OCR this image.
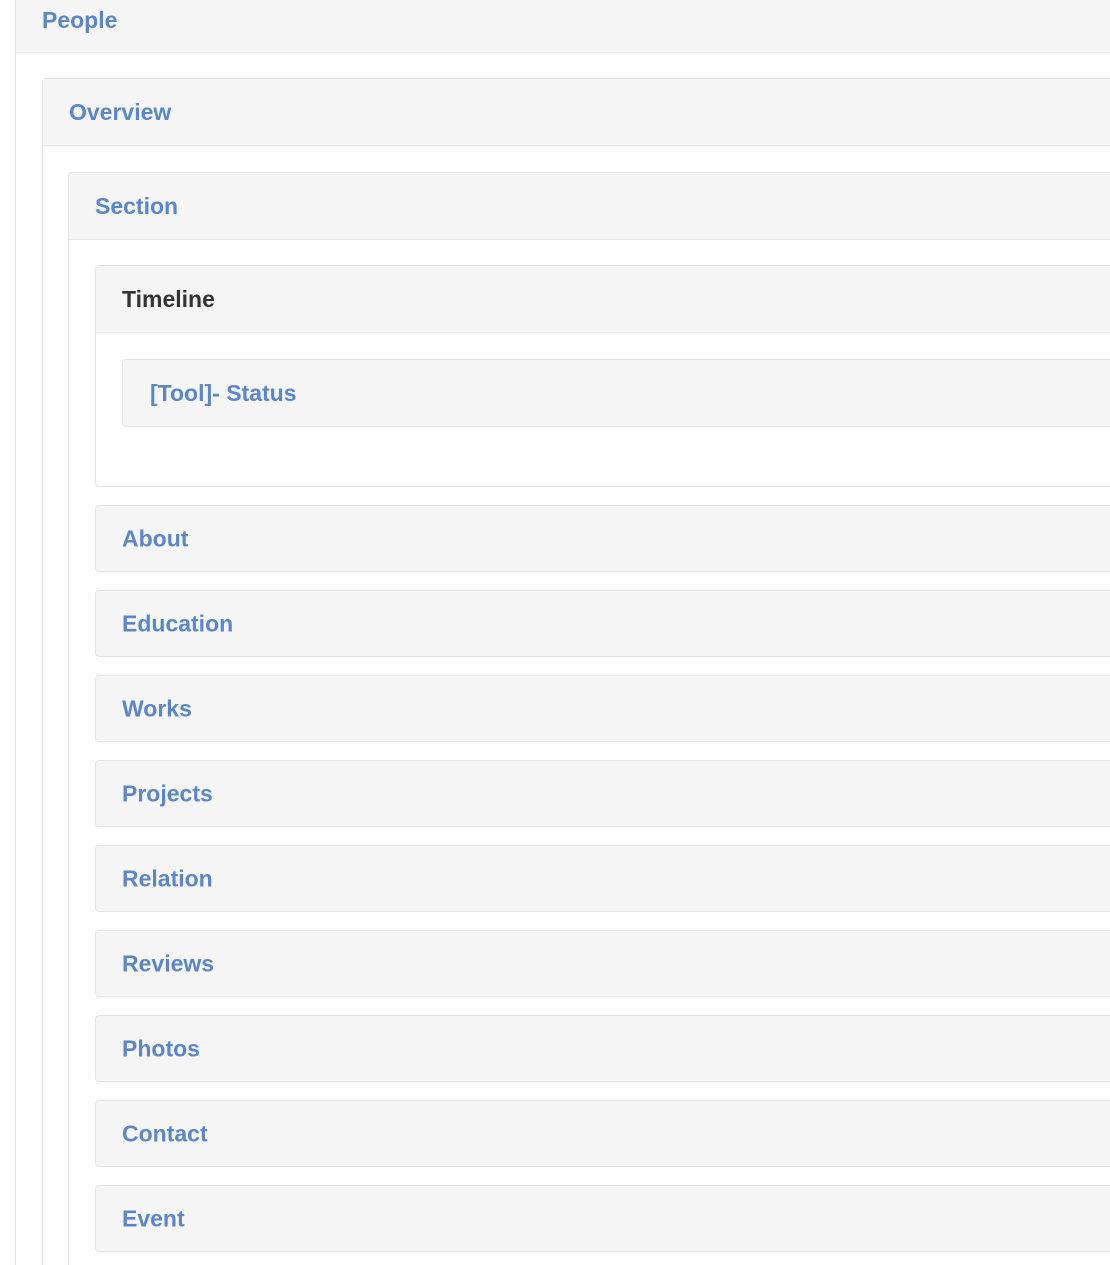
People
Overview
Section
Timeline
[Tool]- Status
About
Education
Works
Projects
Relation
Reviews
Photos
Contact
Event
